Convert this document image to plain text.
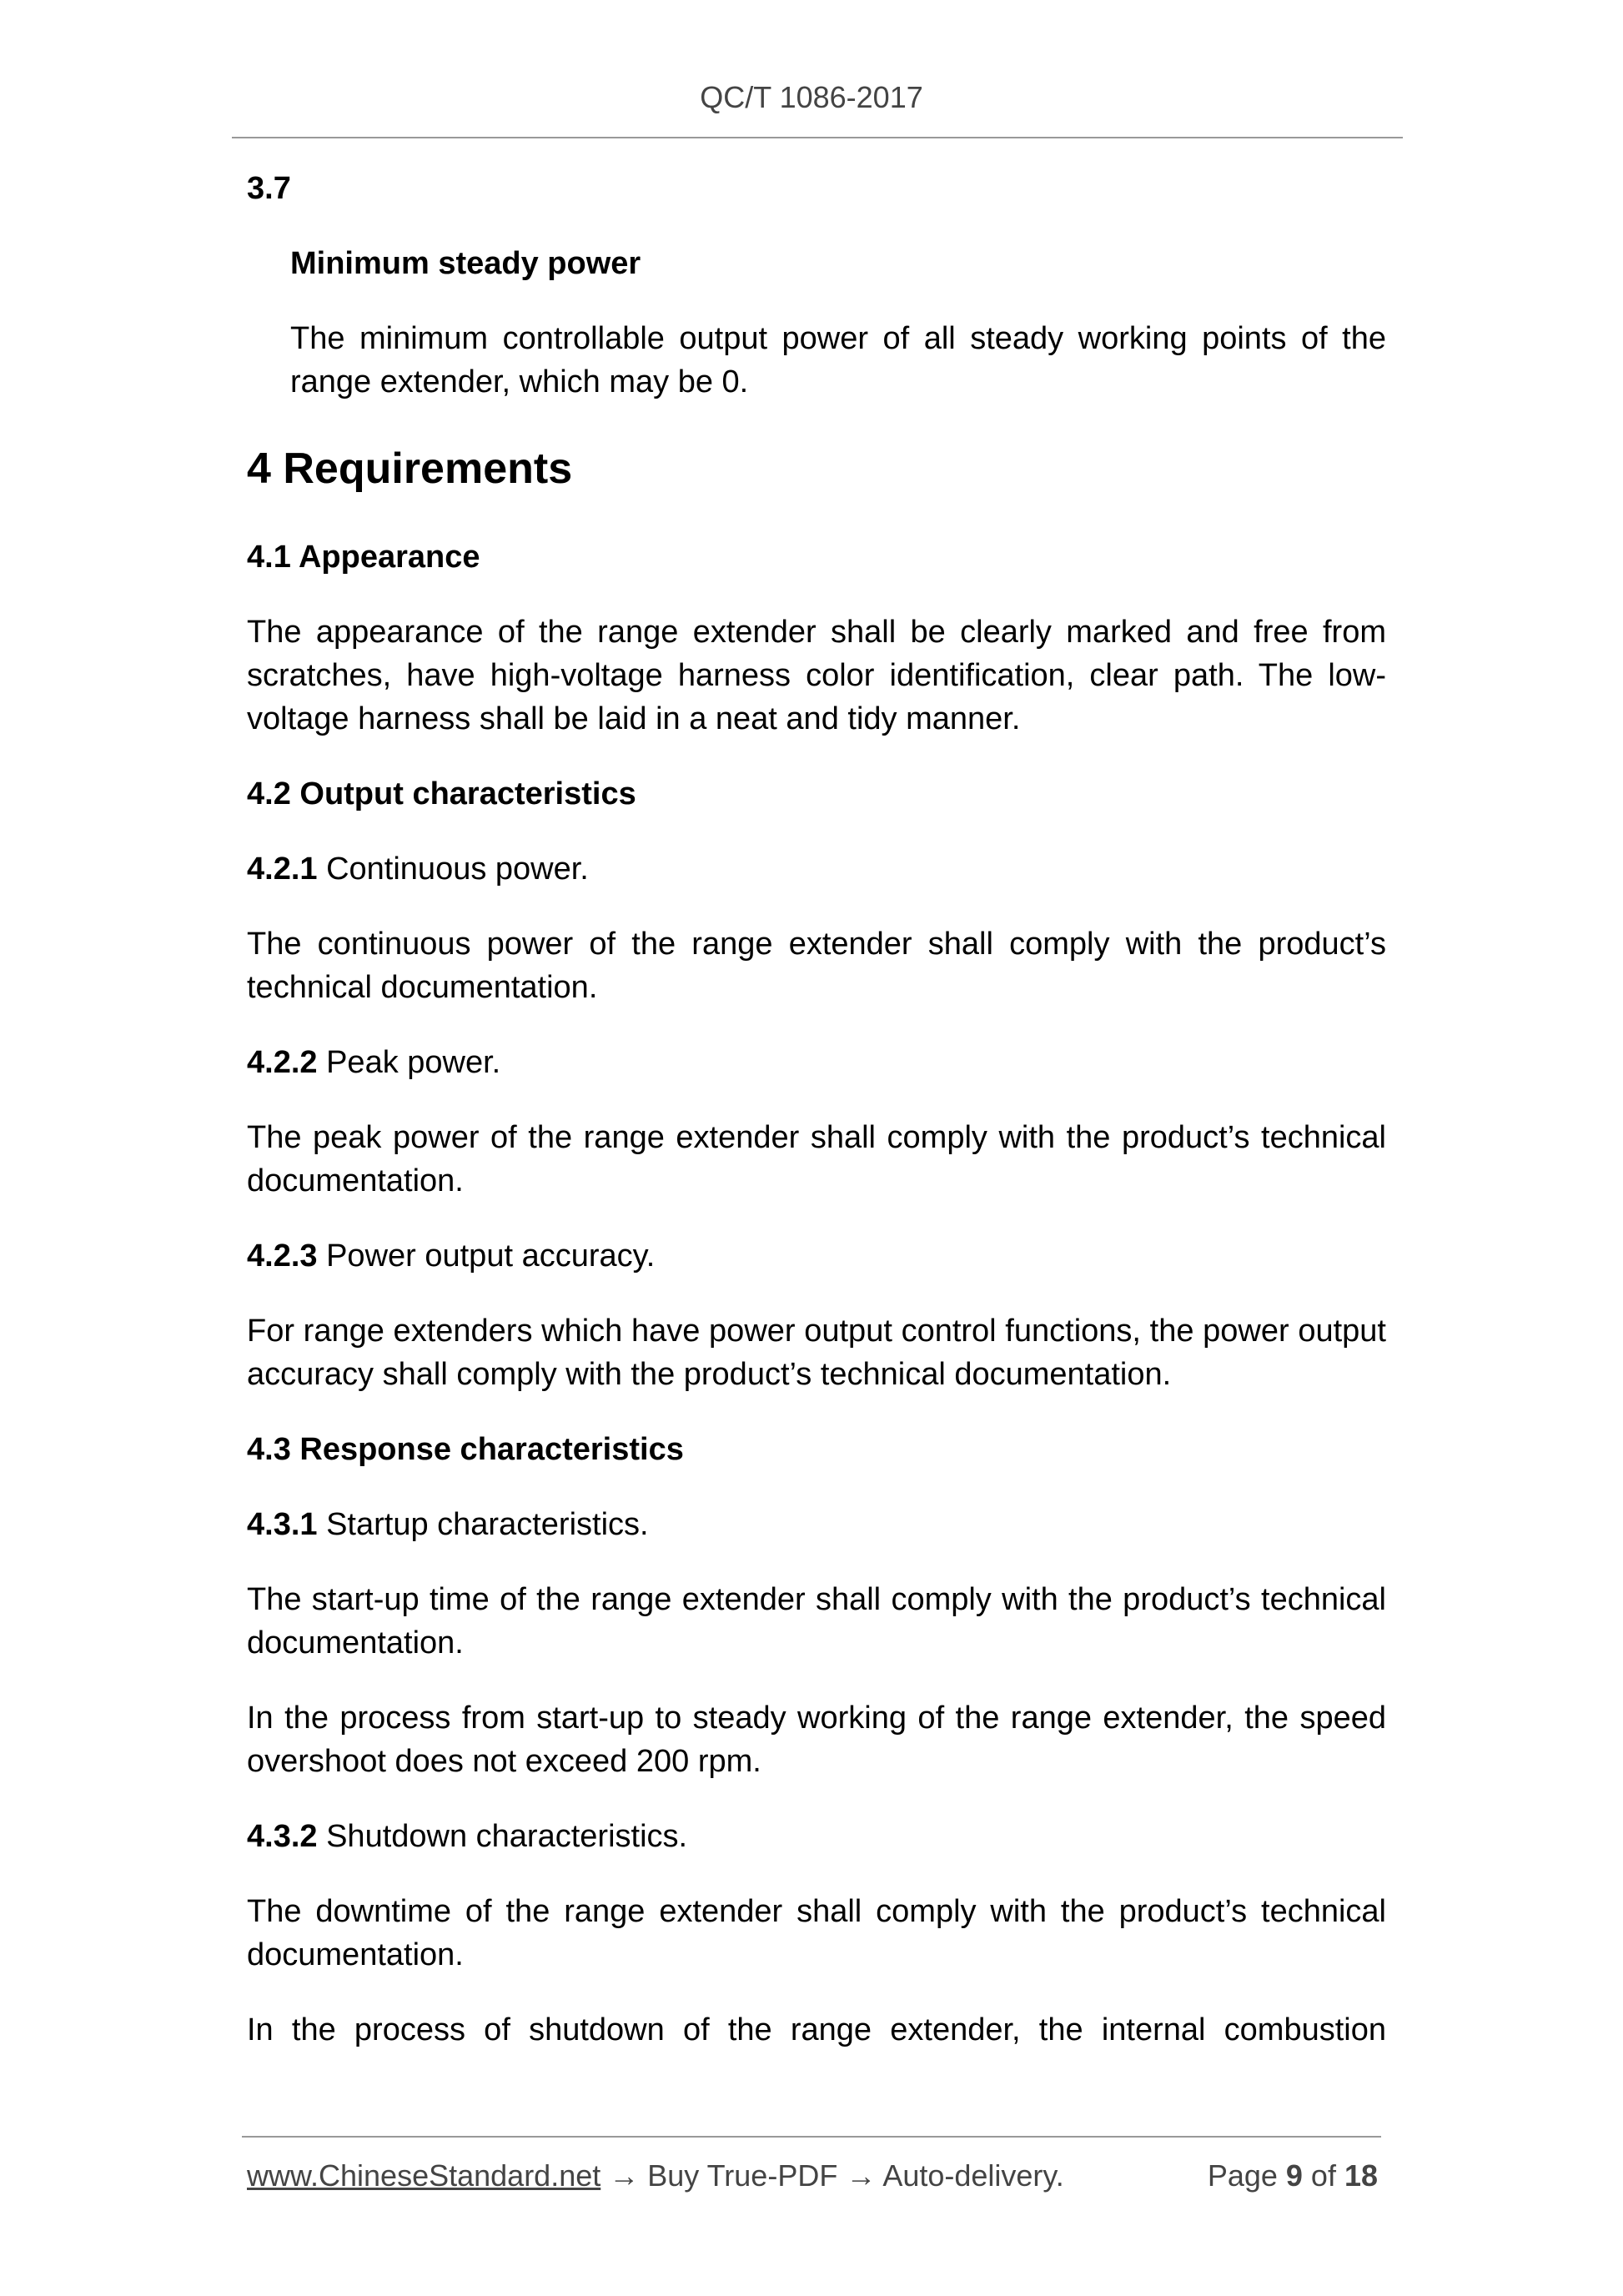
QC/T 1086-2017

3.7

Minimum steady power

The minimum controllable output power of all steady working points of the range extender, which may be 0.

4 Requirements

4.1 Appearance

The appearance of the range extender shall be clearly marked and free from scratches, have high-voltage harness color identification, clear path. The low-voltage harness shall be laid in a neat and tidy manner.

4.2 Output characteristics

4.2.1 Continuous power.

The continuous power of the range extender shall comply with the product’s technical documentation.

4.2.2 Peak power.

The peak power of the range extender shall comply with the product’s technical documentation.

4.2.3 Power output accuracy.

For range extenders which have power output control functions, the power output accuracy shall comply with the product’s technical documentation.

4.3 Response characteristics

4.3.1 Startup characteristics.

The start-up time of the range extender shall comply with the product’s technical documentation.

In the process from start-up to steady working of the range extender, the speed overshoot does not exceed 200 rpm.

4.3.2 Shutdown characteristics.

The downtime of the range extender shall comply with the product’s technical documentation.

In the process of shutdown of the range extender, the internal combustion

www.ChineseStandard.net → Buy True-PDF → Auto-delivery.	Page 9 of 18
